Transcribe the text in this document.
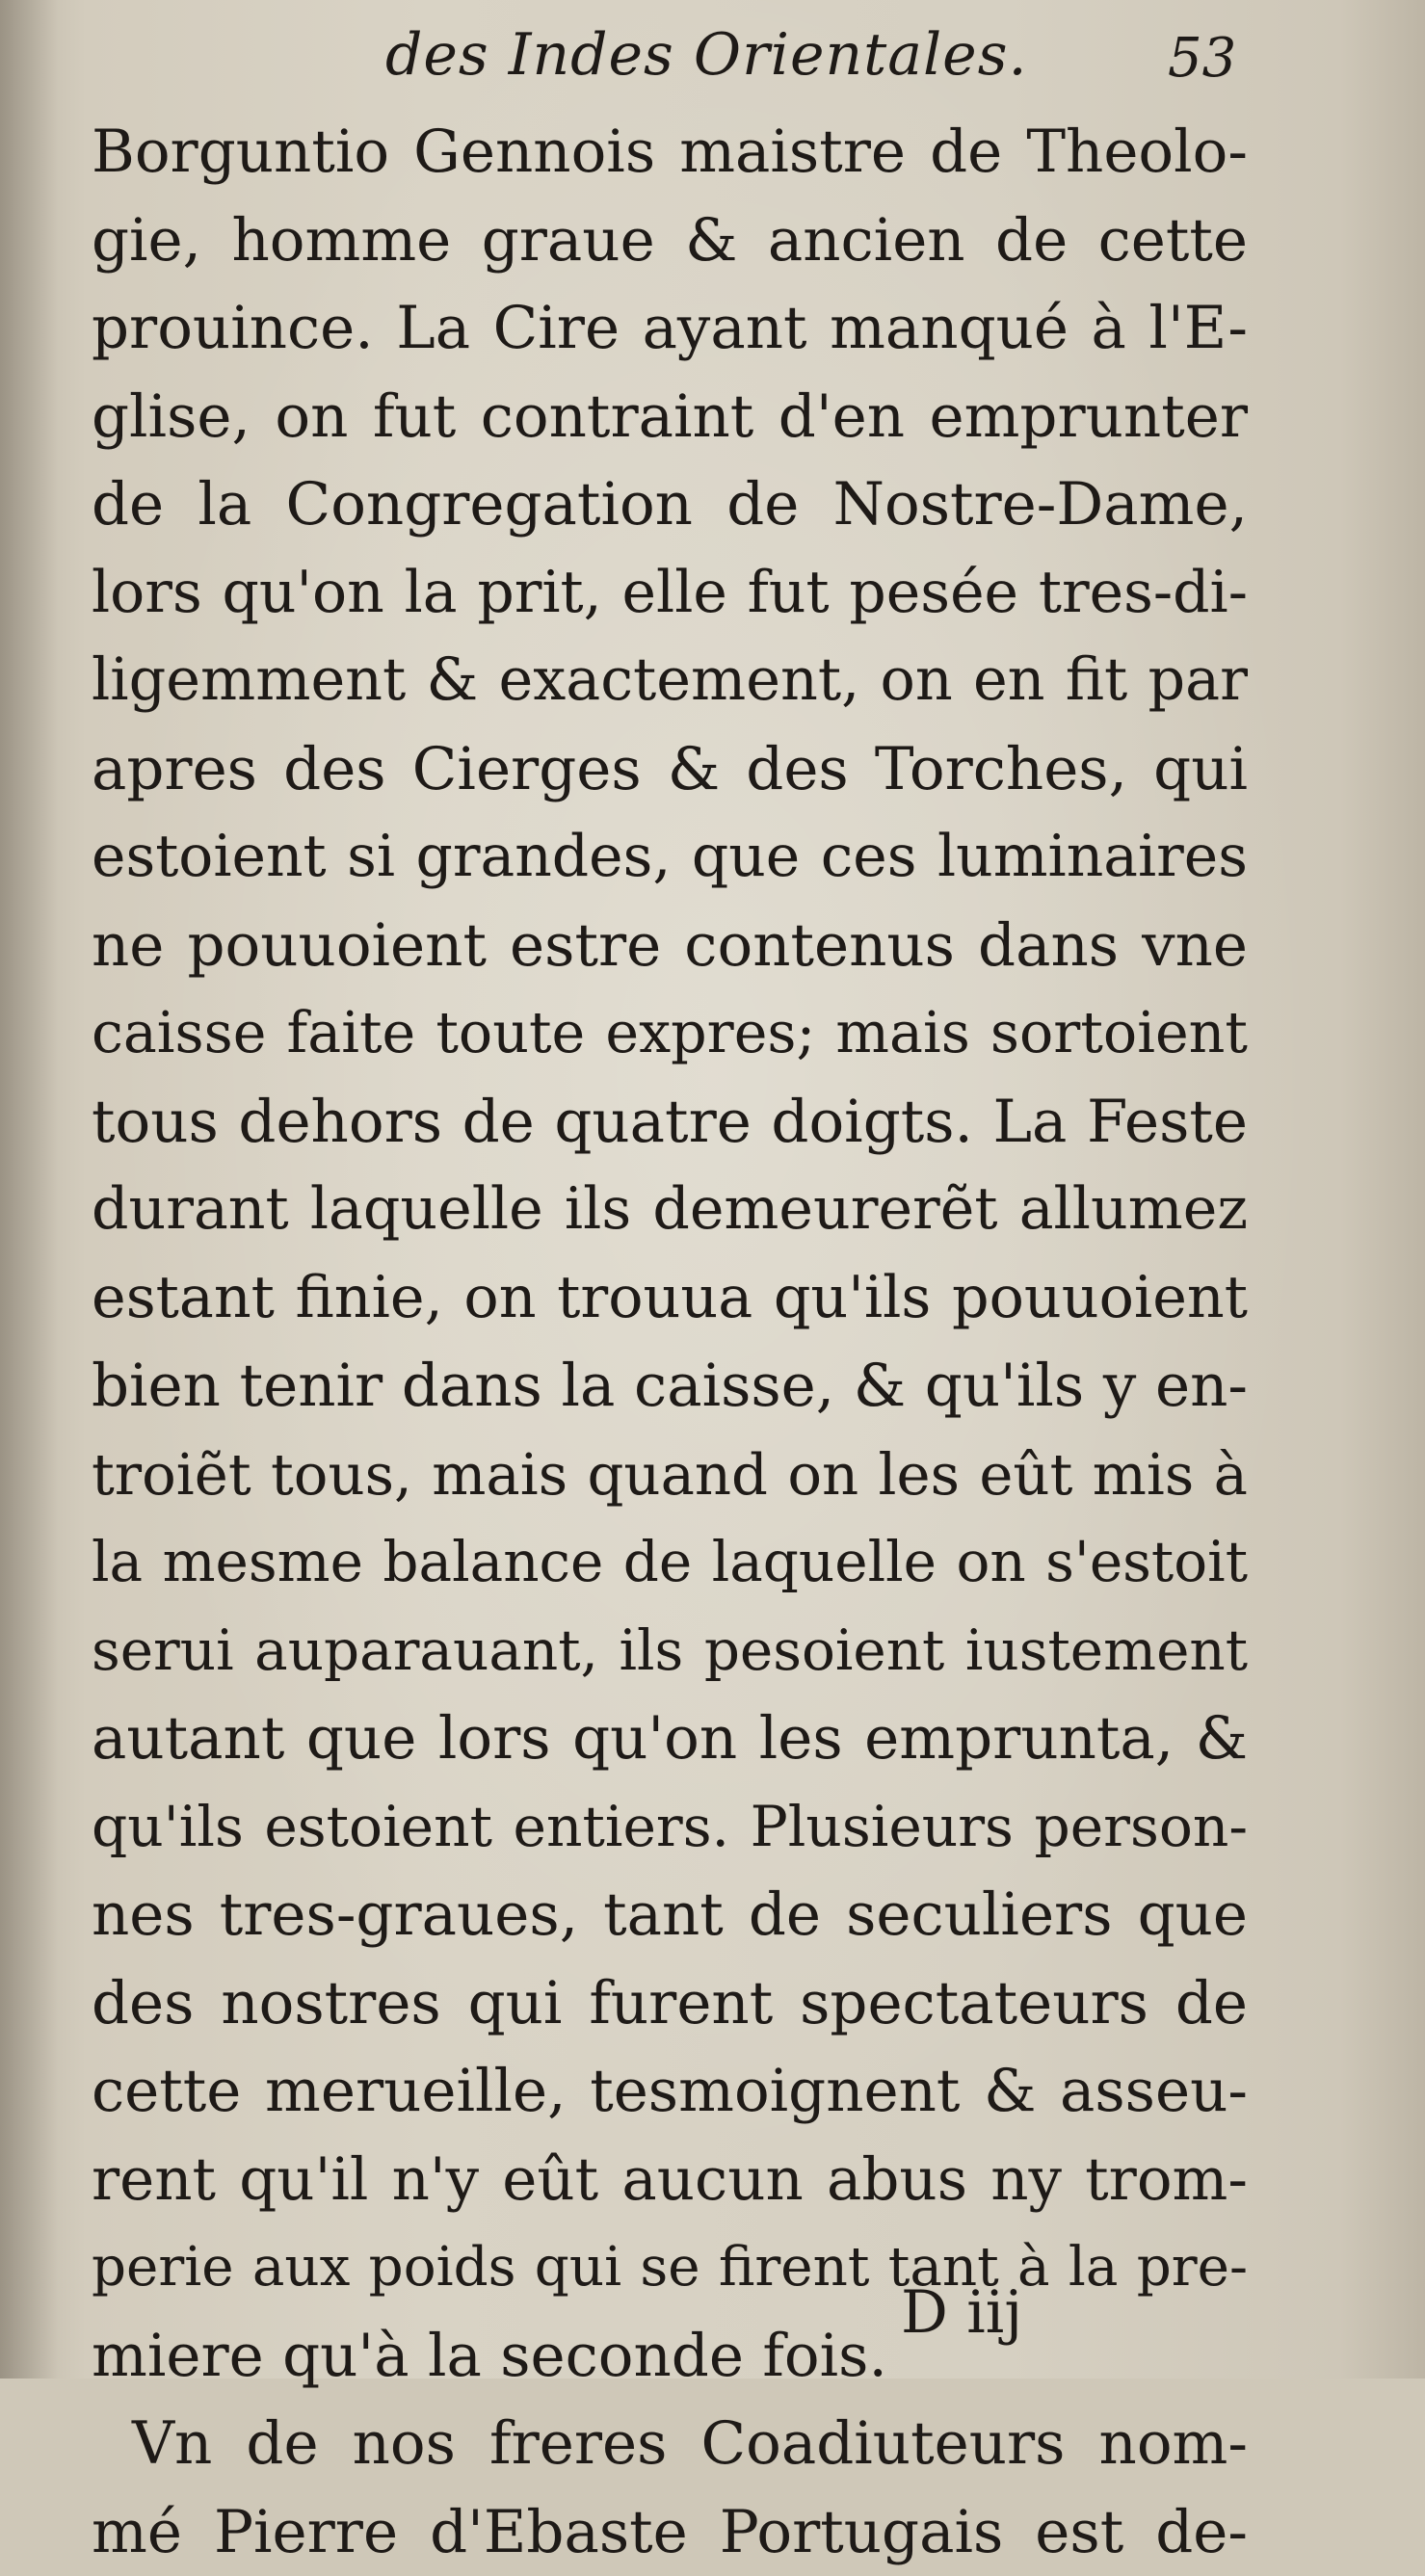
des Indes Orientales.	53
Borguntio Gennois maistre de Theolo-
gie, homme graue & ancien de cette
prouince. La Cire ayant manqué à l'E-
glise, on fut contraint d'en emprunter
de la Congregation de Nostre-Dame,
lors qu'on la prit, elle fut pesée tres-di-
ligemment & exactement, on en fit par
apres des Cierges & des Torches, qui
estoient si grandes, que ces luminaires
ne pouuoient estre contenus dans vne
caisse faite toute expres; mais sortoient
tous dehors de quatre doigts. La Feste
durant laquelle ils demeurerẽt allumez
estant finie, on trouua qu'ils pouuoient
bien tenir dans la caisse, & qu'ils y en-
troiẽt tous, mais quand on les eût mis à
la mesme balance de laquelle on s'estoit
serui auparauant, ils pesoient iustement
autant que lors qu'on les emprunta, &
qu'ils estoient entiers. Plusieurs person-
nes tres-graues, tant de seculiers que
des nostres qui furent spectateurs de
cette merueille, tesmoignent & asseu-
rent qu'il n'y eût aucun abus ny trom-
perie aux poids qui se firent tant à la pre-
miere qu'à la seconde fois.
Vn de nos freres Coadiuteurs nom-
mé Pierre d'Ebaste Portugais est de-
D iij
